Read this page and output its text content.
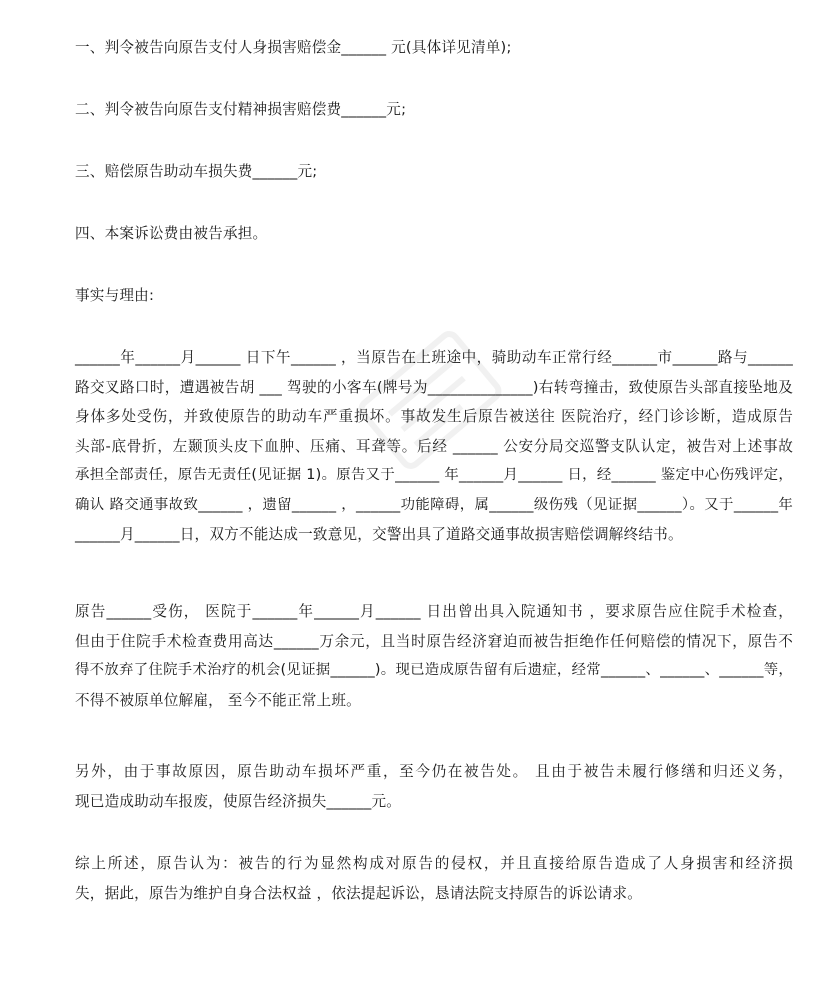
一、判令被告向原告支付人身损害赔偿金______ 元(具体详见清单);

二、判令被告向原告支付精神损害赔偿费______元;

三、赔偿原告助动车损失费______元;

四、本案诉讼费由被告承担。

事实与理由:

______年______月______ 日下午______ ，当原告在上班途中，骑助动车正常行经______市______路与______
路交叉路口时，遭遇被告胡 ___ 驾驶的小客车(牌号为______________)右转弯撞击，致使原告头部直接坠地及
身体多处受伤，并致使原告的助动车严重损坏。事故发生后原告被送往 医院治疗，经门诊诊断，造成原告
头部-底骨折，左颞顶头皮下血肿、压痛、耳聋等。后经 ______ 公安分局交巡警支队认定，被告对上述事故
承担全部责任，原告无责任(见证据 1)。原告又于______ 年______月______ 日，经______ 鉴定中心伤残评定，
确认 路交通事故致______ ，遗留______ ，______功能障碍，属______级伤残（见证据______）。又于______年
______月______日，双方不能达成一致意见，交警出具了道路交通事故损害赔偿调解终结书。
原告______受伤， 医院于______年______月______ 日出曾出具入院通知书 ，要求原告应住院手术检查，
但由于住院手术检查费用高达______万余元，且当时原告经济窘迫而被告拒绝作任何赔偿的情况下，原告不
得不放弃了住院手术治疗的机会(见证据______)。现已造成原告留有后遗症，经常______、______、______等，
不得不被原单位解雇， 至今不能正常上班。
另外，由于事故原因，原告助动车损坏严重，至今仍在被告处。 且由于被告未履行修缮和归还义务，
现已造成助动车报废，使原告经济损失______元。
综上所述，原告认为：被告的行为显然构成对原告的侵权，并且直接给原告造成了人身损害和经济损
失，据此，原告为维护自身合法权益 ，依法提起诉讼，恳请法院支持原告的诉讼请求。
